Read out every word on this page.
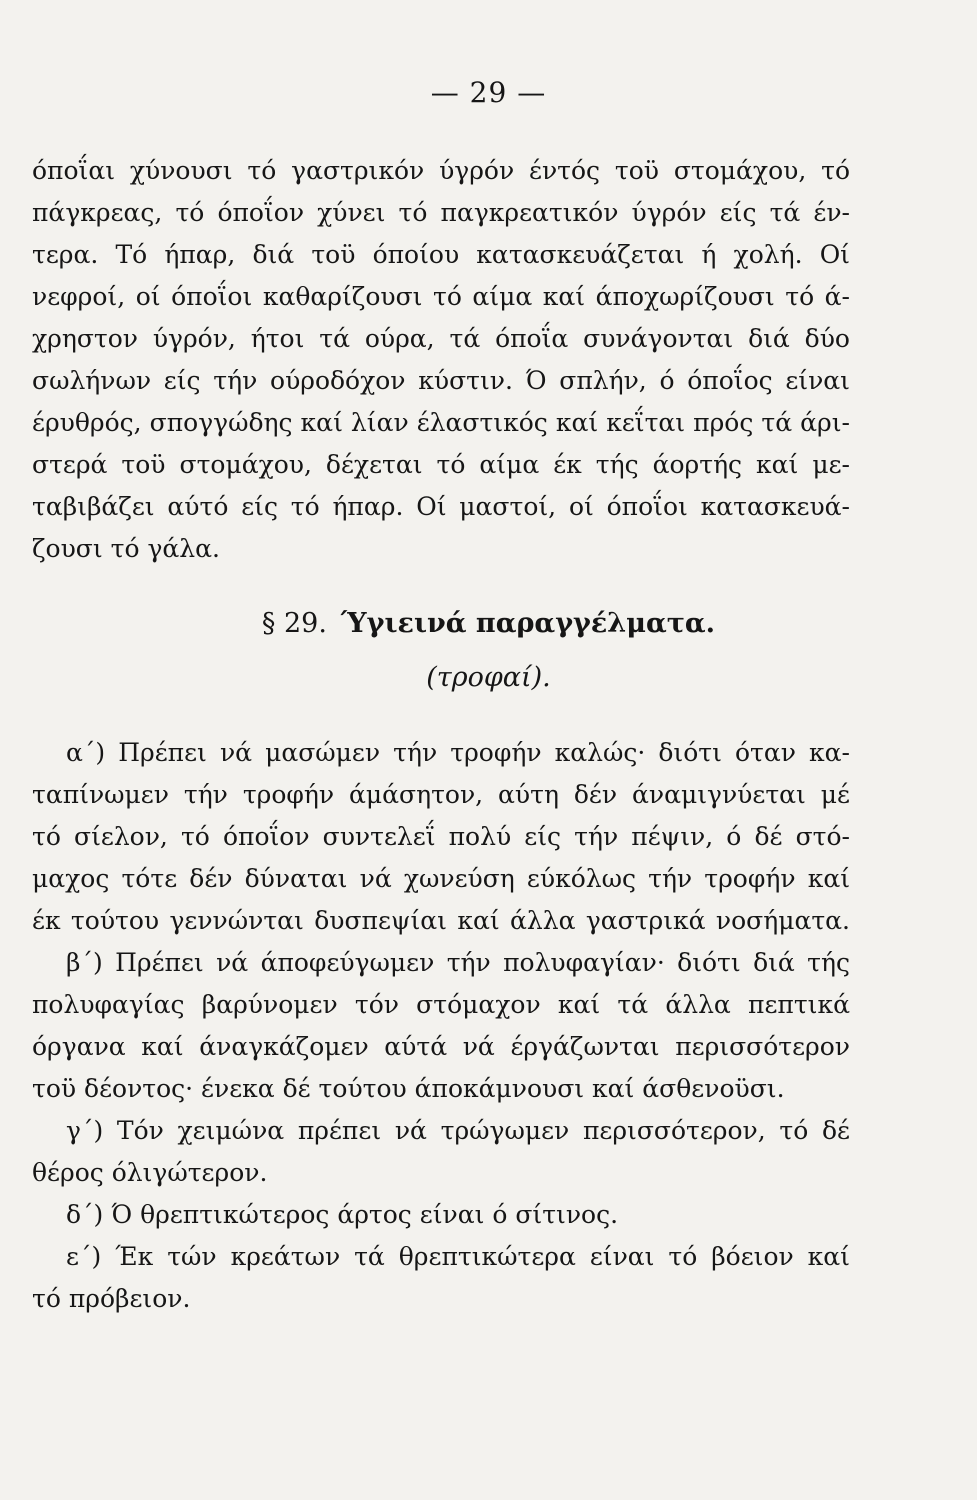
— 29 —
όποΐαι χύνουσι τό γαστρικόν ύγρόν έντός τοϋ στομάχου, τό
πάγκρεας, τό όποΐον χύνει τό παγκρεατικόν ύγρόν είς τά έν-
τερα. Τό ήπαρ, διά τοϋ όποίου κατασκευάζεται ή χολή. Οί
νεφροί, οί όποΐοι καθαρίζουσι τό αίμα καί άποχωρίζουσι τό ά-
χρηστον ύγρόν, ήτοι τά ούρα, τά όποΐα συνάγονται διά δύο
σωλήνων είς τήν ούροδόχον κύστιν. Ό σπλήν, ό όποΐος είναι
έρυθρός, σπογγώδης καί λίαν έλαστικός καί κεΐται πρός τά άρι-
στερά τοϋ στομάχου, δέχεται τό αίμα έκ τής άορτής καί με-
ταβιβάζει αύτό είς τό ήπαρ. Οί μαστοί, οί όποΐοι κατασκευά-
ζουσι τό γάλα.
§ 29. Ύγιεινά παραγγέλματα.
(τροφαί).
α΄) Πρέπει νά μασώμεν τήν τροφήν καλώς· διότι όταν κα-
ταπίνωμεν τήν τροφήν άμάσητον, αύτη δέν άναμιγνύεται μέ
τό σίελον, τό όποΐον συντελεΐ πολύ είς τήν πέψιν, ό δέ στό-
μαχος τότε δέν δύναται νά χωνεύση εύκόλως τήν τροφήν καί
έκ τούτου γεννώνται δυσπεψίαι καί άλλα γαστρικά νοσήματα.
β΄) Πρέπει νά άποφεύγωμεν τήν πολυφαγίαν· διότι διά τής
πολυφαγίας βαρύνομεν τόν στόμαχον καί τά άλλα πεπτικά
όργανα καί άναγκάζομεν αύτά νά έργάζωνται περισσότερον
τοϋ δέοντος· ένεκα δέ τούτου άποκάμνουσι καί άσθενοϋσι.
γ΄) Τόν χειμώνα πρέπει νά τρώγωμεν περισσότερον, τό δέ
θέρος όλιγώτερον.
δ΄) Ό θρεπτικώτερος άρτος είναι ό σίτινος.
ε΄) Έκ τών κρεάτων τά θρεπτικώτερα είναι τό βόειον καί
τό πρόβειον.
